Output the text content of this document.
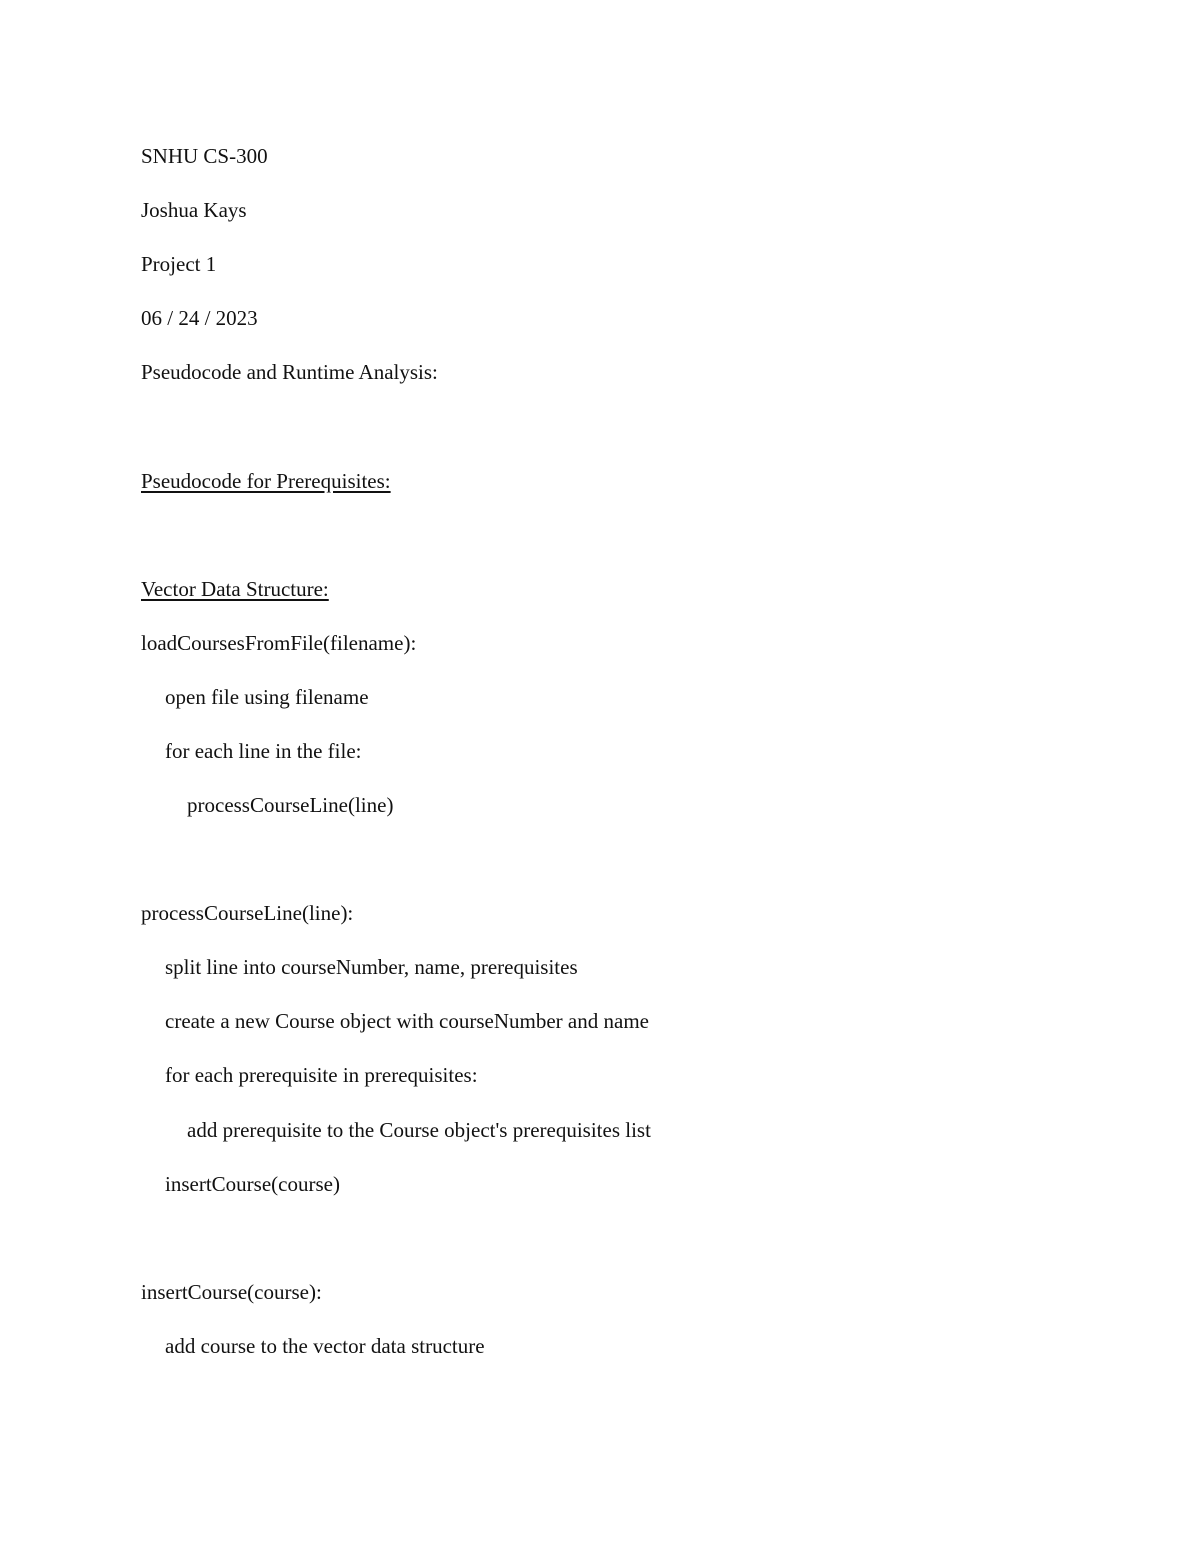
SNHU CS-300
Joshua Kays
Project 1
06 / 24 / 2023
Pseudocode and Runtime Analysis:
Pseudocode for Prerequisites:
Vector Data Structure:
loadCoursesFromFile(filename):
open file using filename
for each line in the file:
processCourseLine(line)
processCourseLine(line):
split line into courseNumber, name, prerequisites
create a new Course object with courseNumber and name
for each prerequisite in prerequisites:
add prerequisite to the Course object's prerequisites list
insertCourse(course)
insertCourse(course):
add course to the vector data structure
